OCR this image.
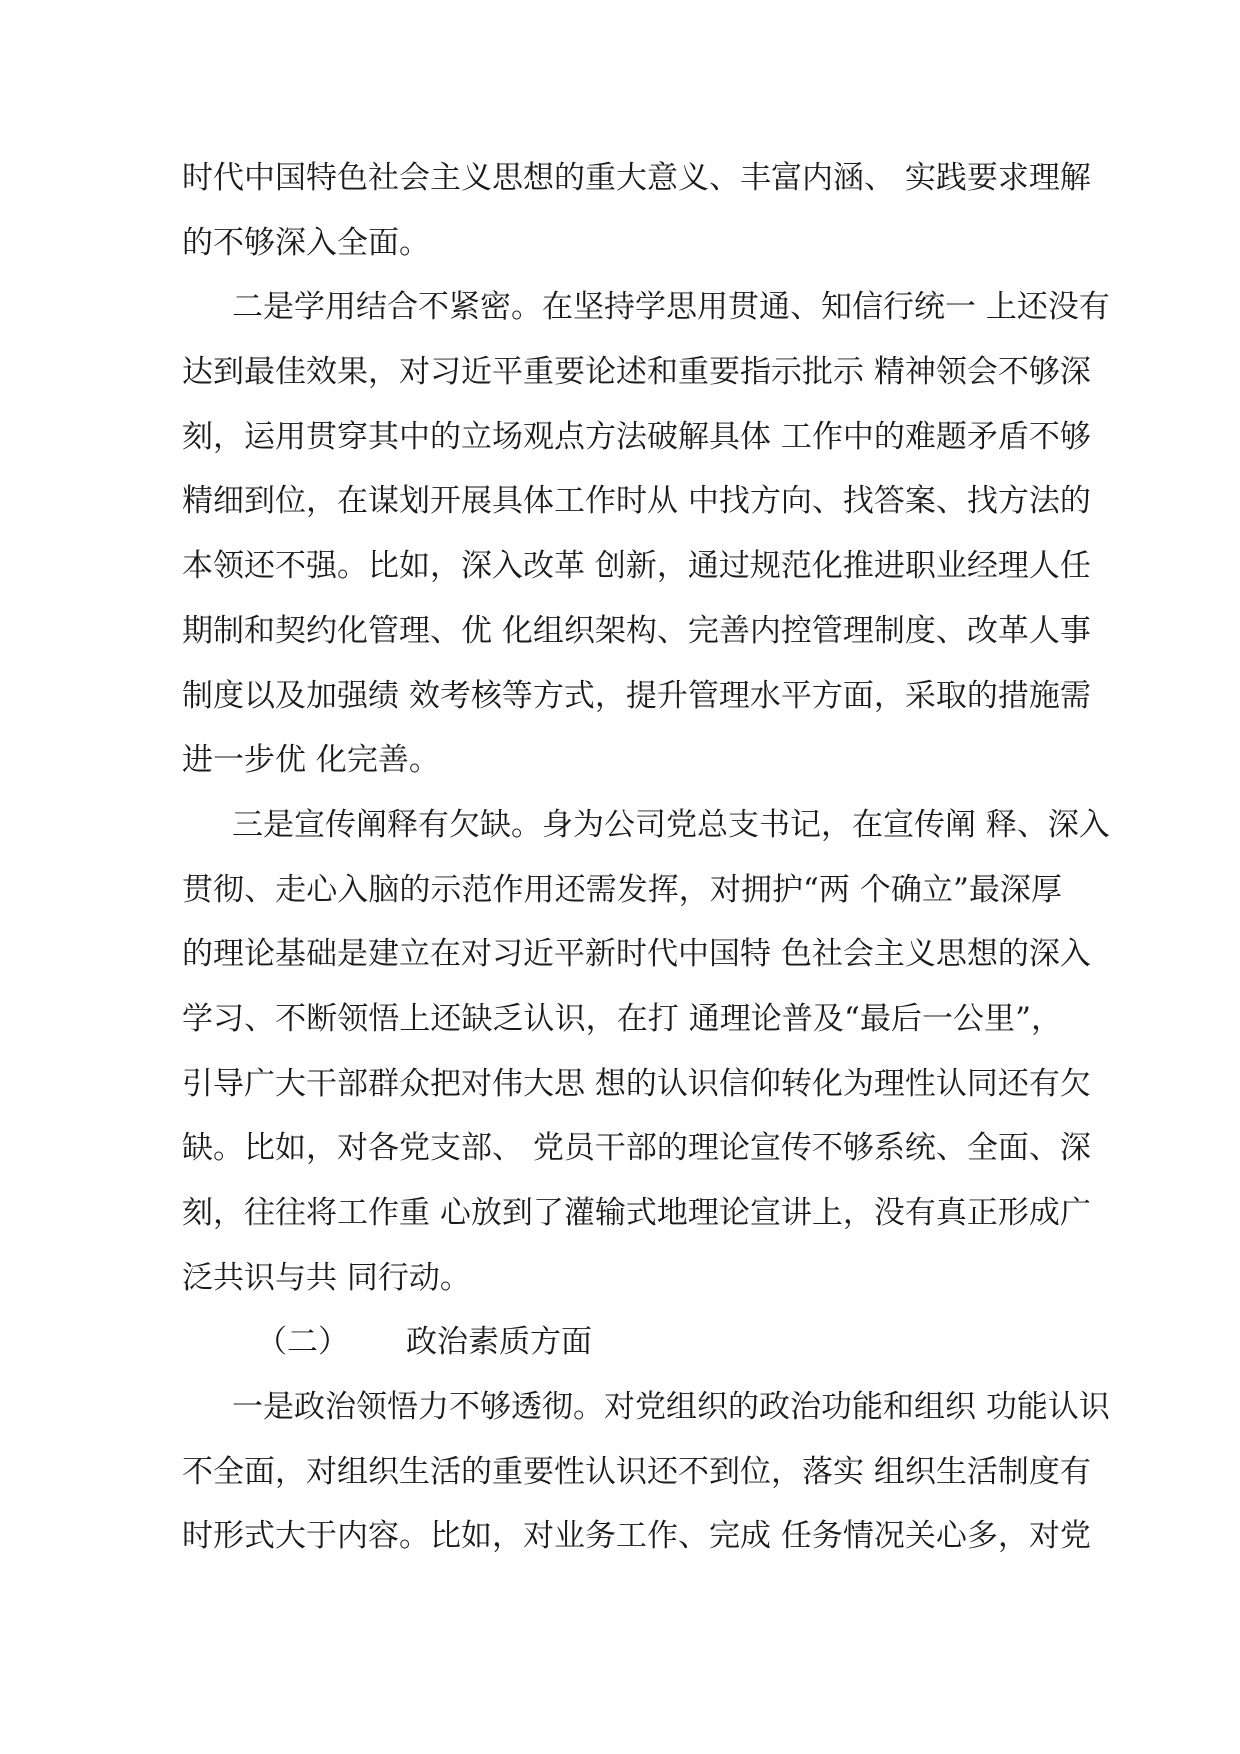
时代中国特色社会主义思想的重大意义、丰富内涵、 实践要求理解
的不够深入全面。
二是学用结合不紧密。在坚持学思用贯通、知信行统一 上还没有
达到最佳效果，对习近平重要论述和重要指示批示 精神领会不够深
刻，运用贯穿其中的立场观点方法破解具体 工作中的难题矛盾不够
精细到位，在谋划开展具体工作时从 中找方向、找答案、找方法的
本领还不强。比如，深入改革 创新，通过规范化推进职业经理人任
期制和契约化管理、优 化组织架构、完善内控管理制度、改革人事
制度以及加强绩 效考核等方式，提升管理水平方面，采取的措施需
进一步优 化完善。
三是宣传阐释有欠缺。身为公司党总支书记，在宣传阐 释、深入
贯彻、走心入脑的示范作用还需发挥，对拥护“两 个确立”最深厚
的理论基础是建立在对习近平新时代中国特 色社会主义思想的深入
学习、不断领悟上还缺乏认识，在打 通理论普及“最后一公里”，
引导广大干部群众把对伟大思 想的认识信仰转化为理性认同还有欠
缺。比如，对各党支部、 党员干部的理论宣传不够系统、全面、深
刻，往往将工作重 心放到了灌输式地理论宣讲上，没有真正形成广
泛共识与共 同行动。
（二） 政治素质方面
一是政治领悟力不够透彻。对党组织的政治功能和组织 功能认识
不全面，对组织生活的重要性认识还不到位，落实 组织生活制度有
时形式大于内容。比如，对业务工作、完成 任务情况关心多，对党
